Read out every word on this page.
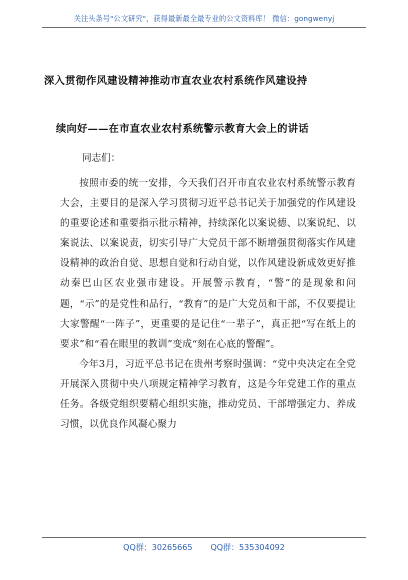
关注头条号"公文研究"，获得最新最全最专业的公文资料库！ 微信：gongwenyj
深入贯彻作风建设精神推动市直农业农村系统作风建设持
续向好——在市直农业农村系统警示教育大会上的讲话
同志们：

按照市委的统一安排，今天我们召开市直农业农村系统警示教育大会，主要目的是深入学习贯彻习近平总书记关于加强党的作风建设的重要论述和重要指示批示精神，持续深化以案说德、以案说纪、以案说法、以案说责，切实引导广大党员干部不断增强贯彻落实作风建设精神的政治自觉、思想自觉和行动自觉，以作风建设新成效更好推动秦巴山区农业强市建设。开展警示教育，“警”的是现象和问题，“示”的是党性和品行，“教育”的是广大党员和干部，不仅要提让大家警醒“一阵子”，更重要的是记住“一辈子”，真正把“写在纸上的要求”和“看在眼里的教训”变成“刻在心底的警醒”。

今年3月，习近平总书记在贵州考察时强调：“党中央决定在全党开展深入贯彻中央八项规定精神学习教育，这是今年党建工作的重点任务。各级党组织要精心组织实施，推动党员、干部增强定力、养成习惯，以优良作风凝心聚力

QQ群：30265665 QQ群：535304092
